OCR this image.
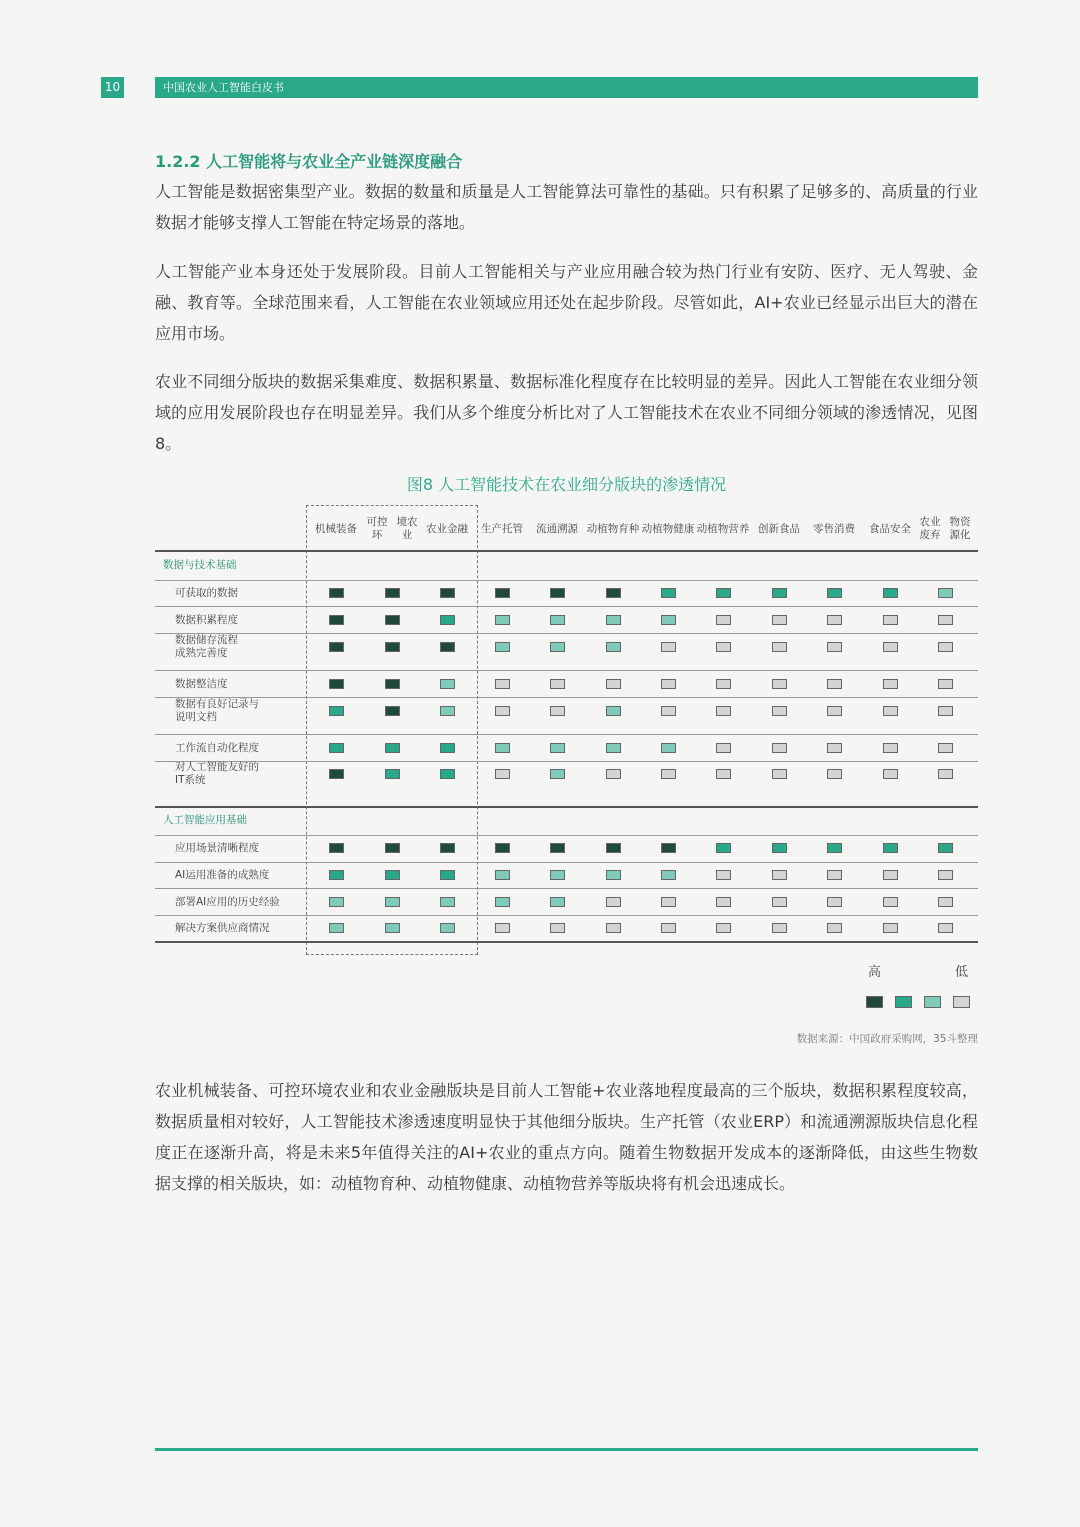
10	中国农业人工智能白皮书
1.2.2 人工智能将与农业全产业链深度融合

人工智能是数据密集型产业。数据的数量和质量是人工智能算法可靠性的基础。只有积累了足够多的、高质量的行业数据才能够支撑人工智能在特定场景的落地。

人工智能产业本身还处于发展阶段。目前人工智能相关与产业应用融合较为热门行业有安防、医疗、无人驾驶、金融、教育等。全球范围来看，人工智能在农业领域应用还处在起步阶段。尽管如此，AI+农业已经显示出巨大的潜在应用市场。

农业不同细分版块的数据采集难度、数据积累量、数据标准化程度存在比较明显的差异。因此人工智能在农业细分领域的应用发展阶段也存在明显差异。我们从多个维度分析比对了人工智能技术在农业不同细分领域的渗透情况，见图8。

图8 人工智能技术在农业细分版块的渗透情况
机械装备
可控环

境农业
农业金融 生产托管 流通溯源 动植物 育种 动植物 健康 动植物 营养 创新食品 零售消费 食品安全
农业废弃

物资源化
数据与技术基础
可获取的数据
数据积累程度
数据储存流程
成熟完善度
数据整洁度
数据有良好记录与
说明文档
工作流自动化程度
对人工智能友好的
IT系统
人工智能应用基础
应用场景清晰程度
AI运用准备的成熟度
部署AI应用的历史经验
解决方案供应商情况
高	低
数据来源：中国政府采购网，35斗整理

农业机械装备、可控环境农业和农业金融版块是目前人工智能+农业落地程度最高的三个版块，数据积累程度较高，数据质量相对较好，人工智能技术渗透速度明显快于其他细分版块。生产托管（农业ERP）和流通溯源版块信息化程度正在逐渐升高，将是未来5年值得关注的AI+农业的重点方向。随着生物数据开发成本的逐渐降低，由这些生物数据支撑的相关版块，如：动植物育种、动植物健康、动植物营养等版块将有机会迅速成长。
